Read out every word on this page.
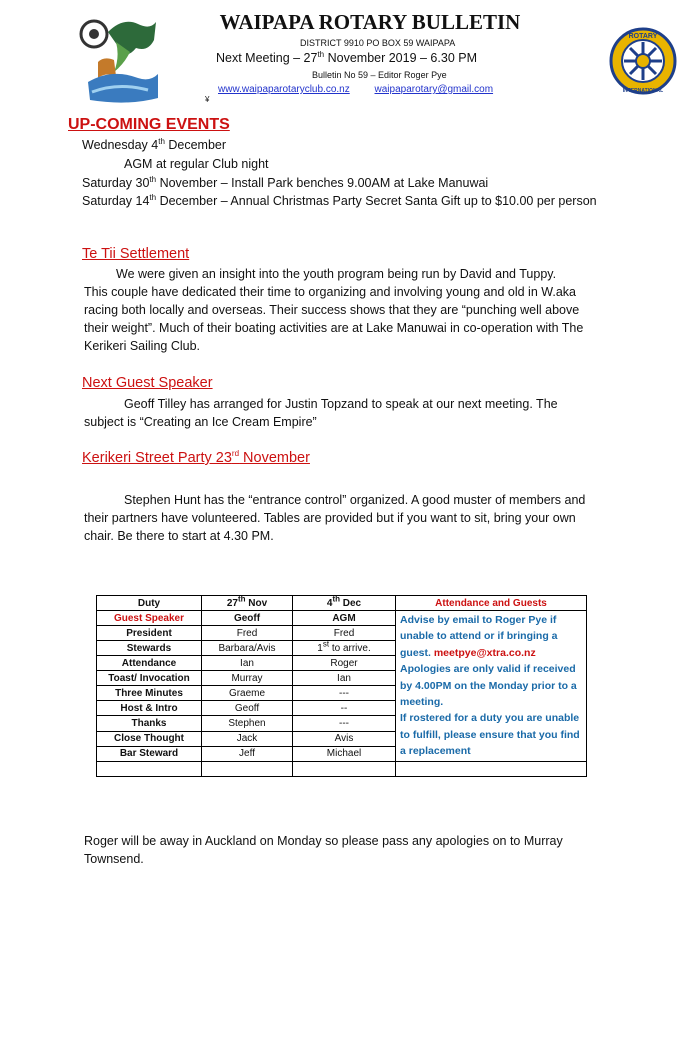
ROTARY
INTERNATIONAL
WAIPAPA ROTARY BULLETIN
DISTRICT 9910 PO BOX 59 WAIPAPA
Next Meeting – 27th November 2019 – 6.30 PM
Bulletin No 59 – Editor Roger Pye
www.waipaparotaryclub.co.nz waipaparotary@gmail.com
¥
UP-COMING EVENTS
Wednesday 4th December
AGM at regular Club night
Saturday 30th November – Install Park benches 9.00AM at Lake Manuwai
Saturday 14th December – Annual Christmas Party Secret Santa Gift up to $10.00 per person
Te Tii Settlement
We were given an insight into the youth program being run by David and Tuppy.
This couple have dedicated their time to organizing and involving young and old in W.aka
racing both locally and overseas. Their success shows that they are “punching well above
their weight”. Much of their boating activities are at Lake Manuwai in co-operation with The
Kerikeri Sailing Club.
Next Guest Speaker
Geoff Tilley has arranged for Justin Topzand to speak at our next meeting. The
subject is “Creating an Ice Cream Empire”
Kerikeri Street Party 23rd November
Stephen Hunt has the “entrance control” organized. A good muster of members and
their partners have volunteered. Tables are provided but if you want to sit, bring your own
chair. Be there to start at 4.30 PM.
Duty	27th Nov	4th Dec	Attendance and Guests
Guest Speaker	Geoff	AGM	Advise by email to Roger Pye if unable to attend or if bringing a guest. meetpye@xtra.co.nz Apologies are only valid if received by 4.00PM on the Monday prior to a meeting.
If rostered for a duty you are unable to fulfill, please ensure that you find a replacement
President	Fred	Fred	
Stewards	Barbara/Avis	1st to arrive.	
Attendance	Ian	Roger	
Toast/ Invocation	Murray	Ian	
Three Minutes	Graeme	---	
Host & Intro	Geoff	--	
Thanks	Stephen	---	
Close Thought	Jack	Avis	
Bar Steward	Jeff	Michael	

Roger will be away in Auckland on Monday so please pass any apologies on to Murray
Townsend.
